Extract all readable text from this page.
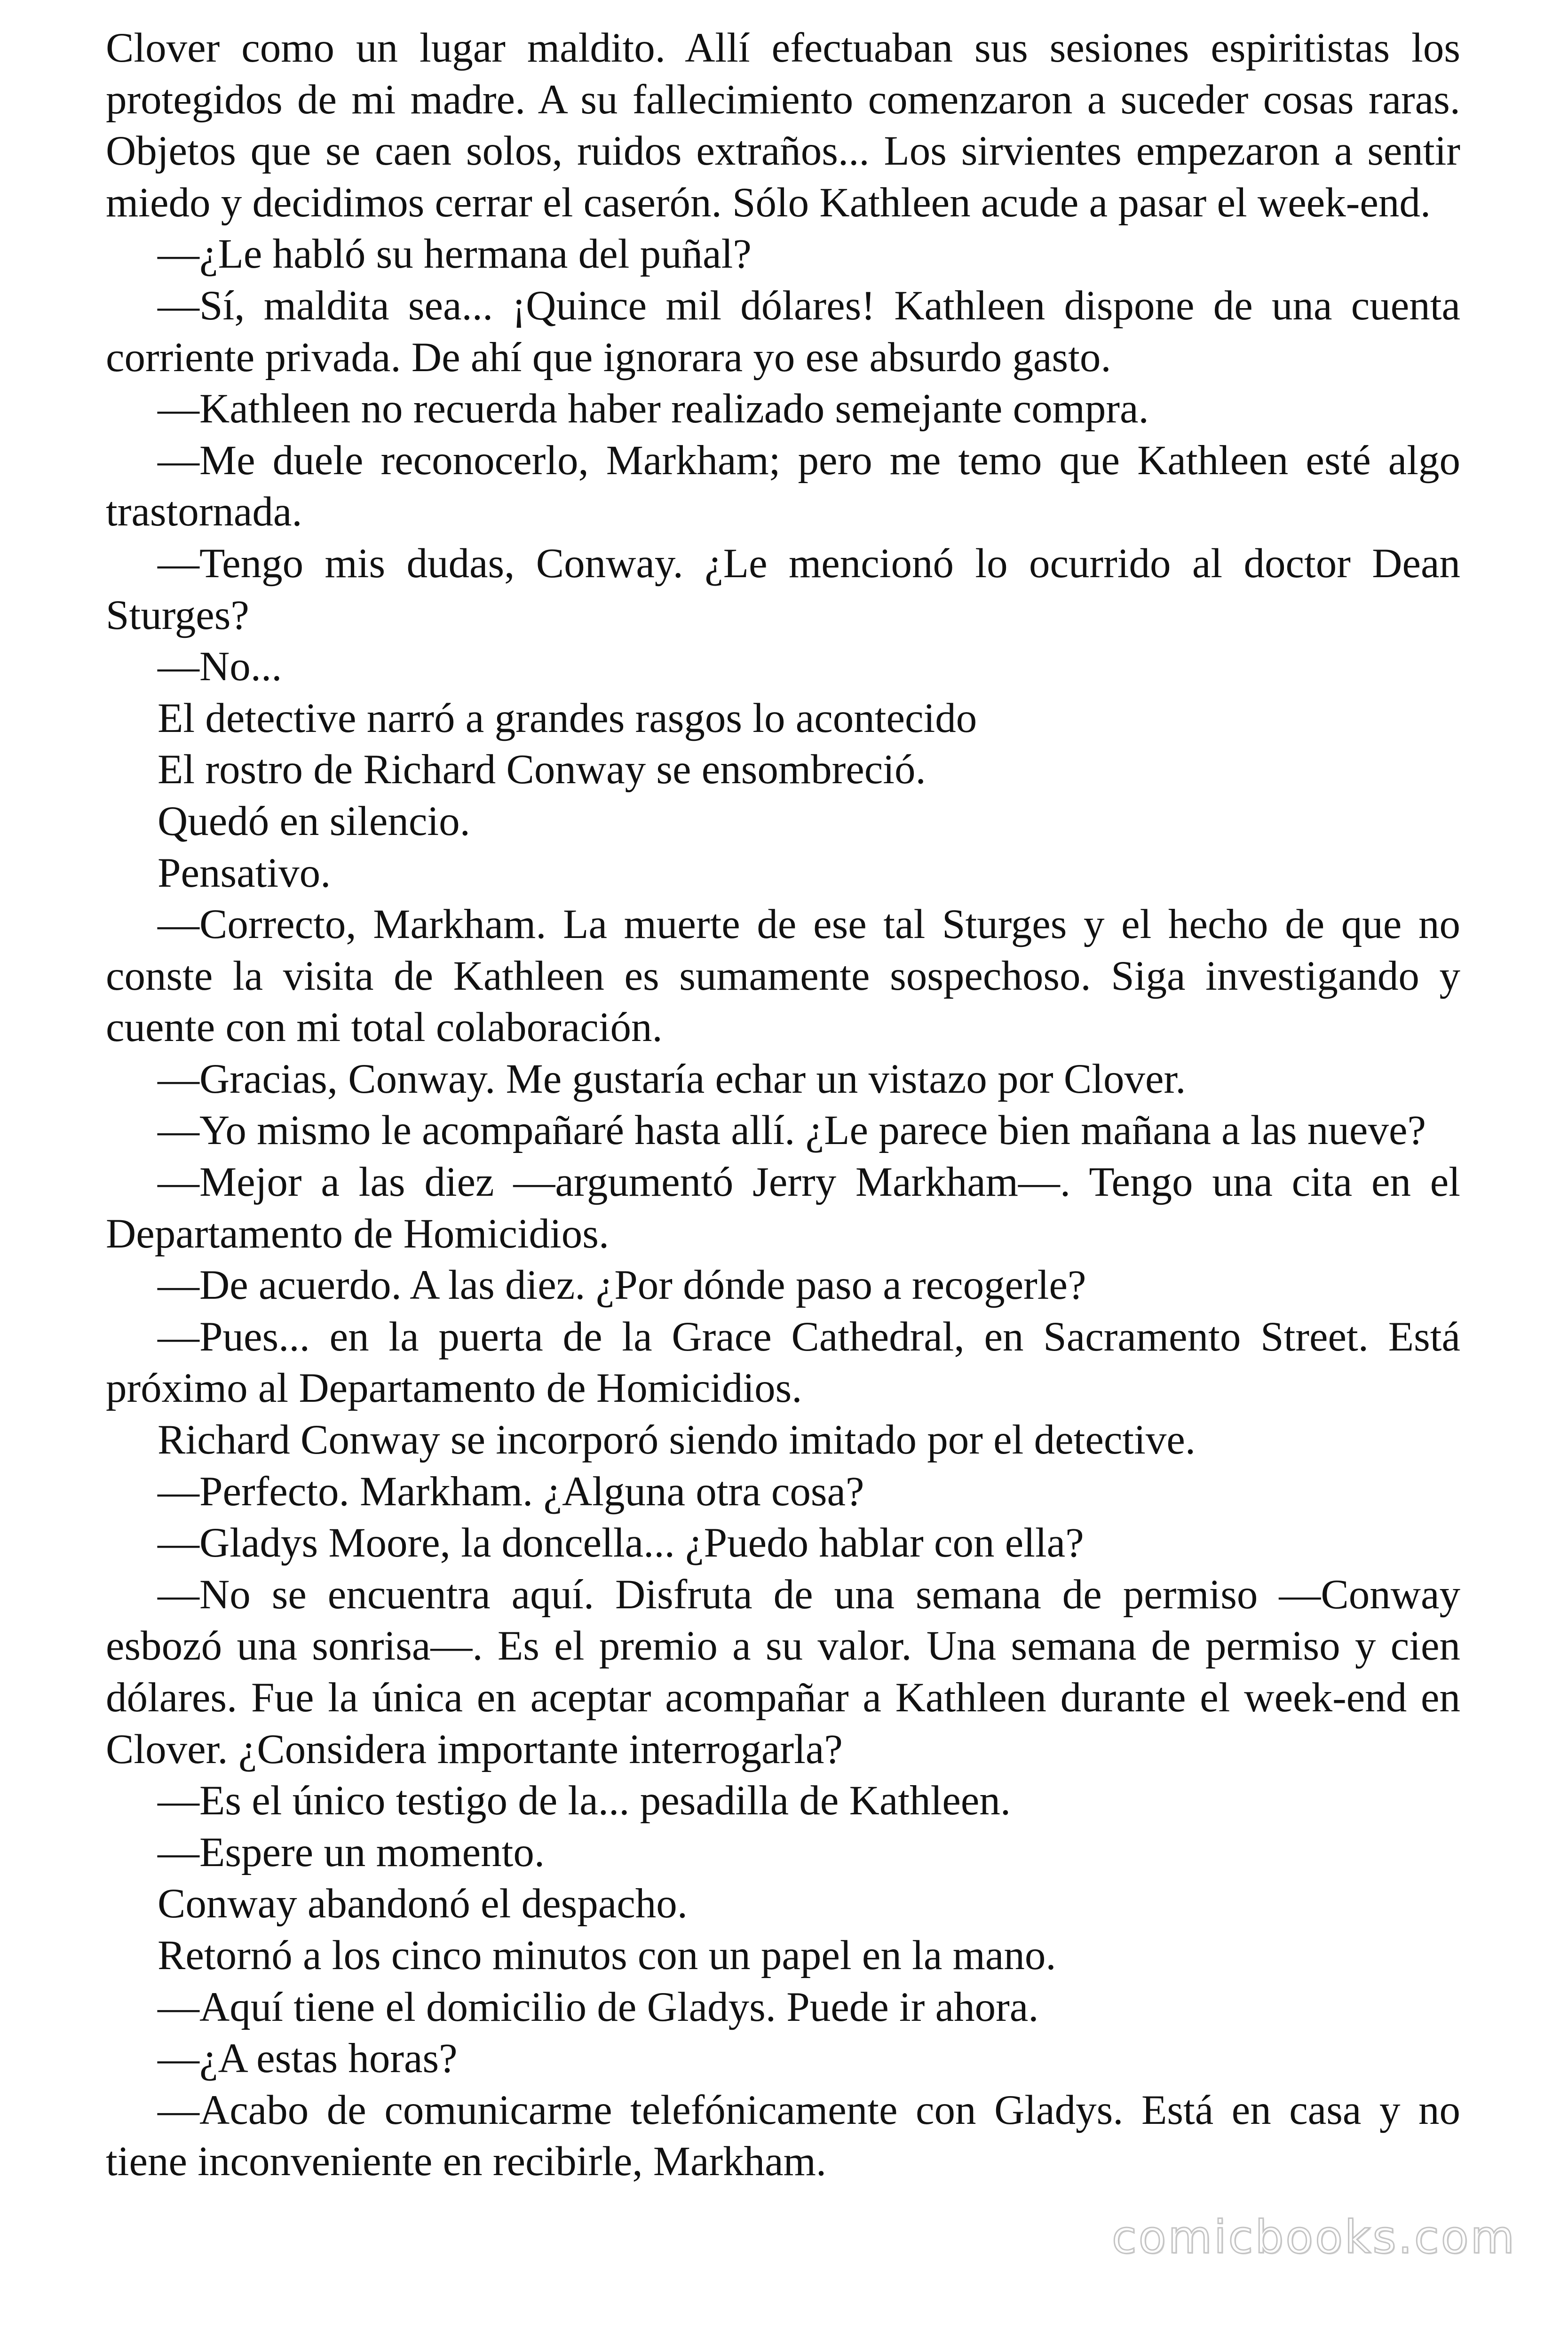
Clover como un lugar maldito. Allí efectuaban sus sesiones espiritistas los protegidos de mi madre. A su fallecimiento comenzaron a suceder cosas raras. Objetos que se caen solos, ruidos extraños... Los sirvientes empezaron a sentir miedo y decidimos cerrar el caserón. Sólo Kathleen acude a pasar el week-end.

—¿Le habló su hermana del puñal?

—Sí, maldita sea... ¡Quince mil dólares! Kathleen dispone de una cuenta corriente privada. De ahí que ignorara yo ese absurdo gasto.

—Kathleen no recuerda haber realizado semejante compra.

—Me duele reconocerlo, Markham; pero me temo que Kathleen esté algo trastornada.

—Tengo mis dudas, Conway. ¿Le mencionó lo ocurrido al doctor Dean Sturges?

—No...

El detective narró a grandes rasgos lo acontecido

El rostro de Richard Conway se ensombreció.

Quedó en silencio.

Pensativo.

—Correcto, Markham. La muerte de ese tal Sturges y el hecho de que no conste la visita de Kathleen es sumamente sospechoso. Siga investigando y cuente con mi total colaboración.

—Gracias, Conway. Me gustaría echar un vistazo por Clover.

—Yo mismo le acompañaré hasta allí. ¿Le parece bien mañana a las nueve?

—Mejor a las diez —argumentó Jerry Markham—. Tengo una cita en el Departamento de Homicidios.

—De acuerdo. A las diez. ¿Por dónde paso a recogerle?

—Pues... en la puerta de la Grace Cathedral, en Sacramento Street. Está próximo al Departamento de Homicidios.

Richard Conway se incorporó siendo imitado por el detective.

—Perfecto. Markham. ¿Alguna otra cosa?

—Gladys Moore, la doncella... ¿Puedo hablar con ella?

—No se encuentra aquí. Disfruta de una semana de permiso —Conway esbozó una sonrisa—. Es el premio a su valor. Una semana de permiso y cien dólares. Fue la única en aceptar acompañar a Kathleen durante el week-end en Clover. ¿Considera importante interrogarla?

—Es el único testigo de la... pesadilla de Kathleen.

—Espere un momento.

Conway abandonó el despacho.

Retornó a los cinco minutos con un papel en la mano.

—Aquí tiene el domicilio de Gladys. Puede ir ahora.

—¿A estas horas?

—Acabo de comunicarme telefónicamente con Gladys. Está en casa y no tiene inconveniente en recibirle, Markham.

comicbooks.com
